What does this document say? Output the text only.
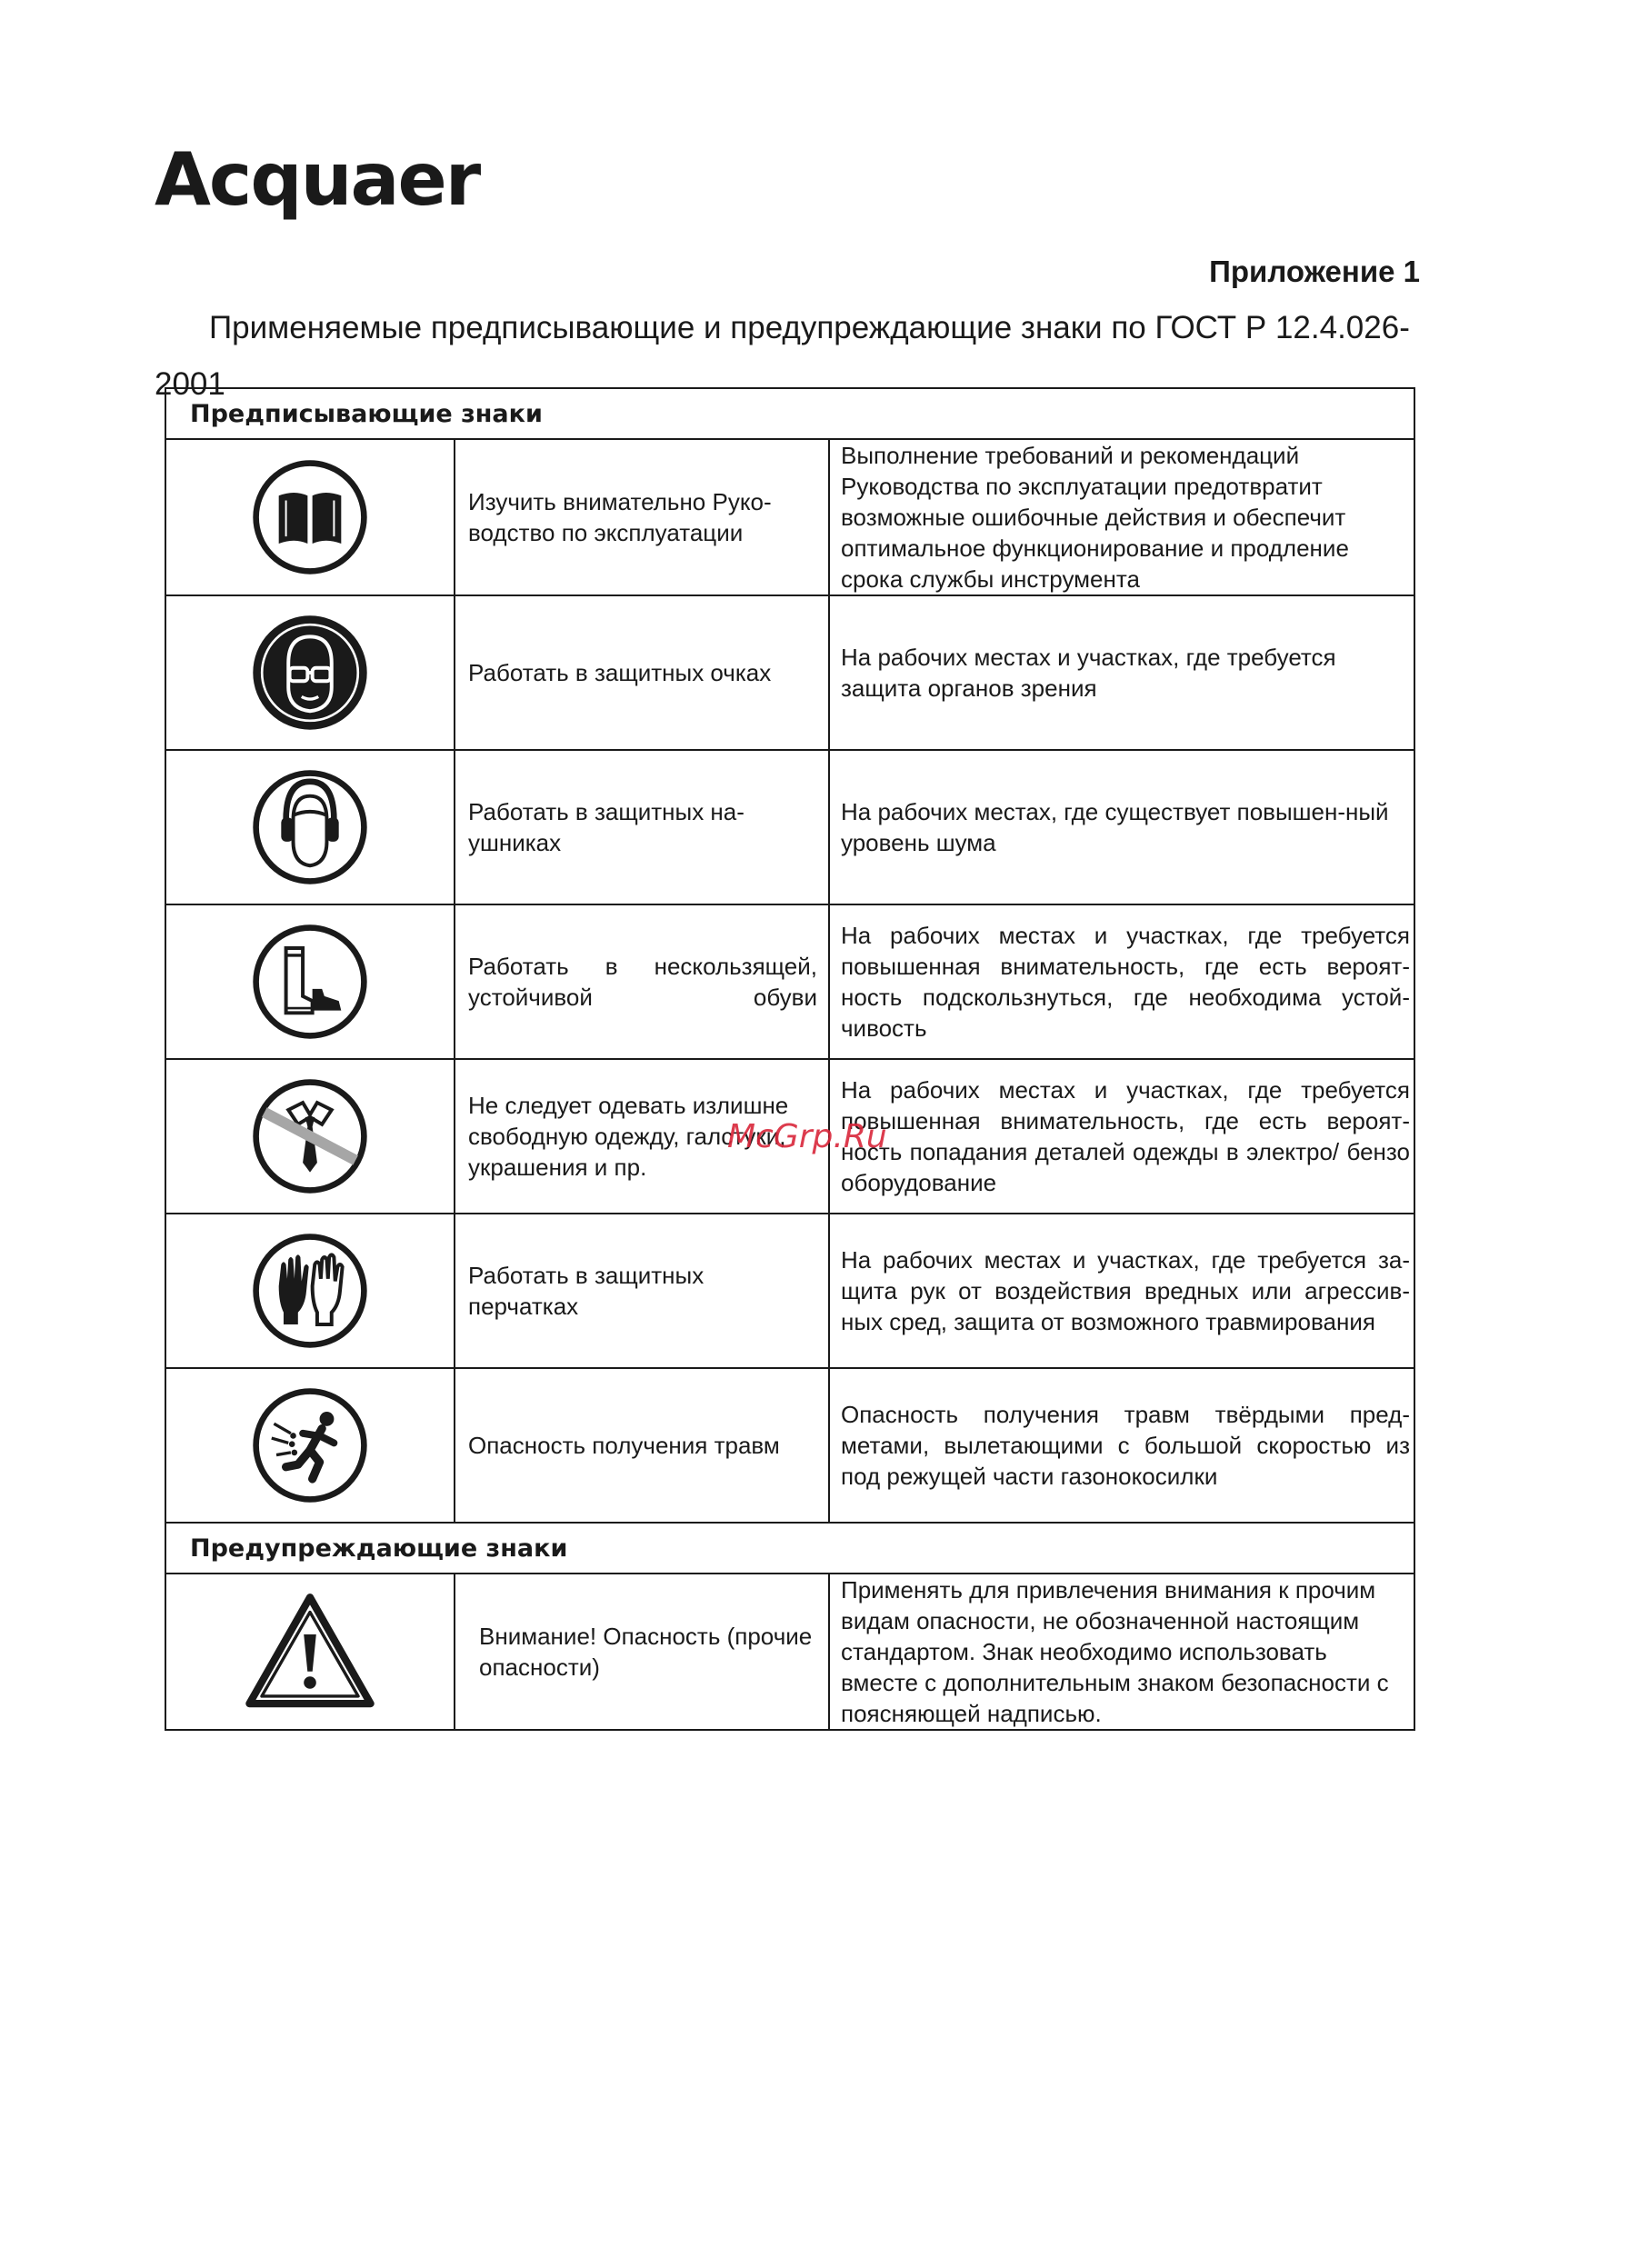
Acquaer
Приложение 1
Применяемые предписывающие и предупреждающие знаки по ГОСТ Р 12.4.026-2001
Предписывающие знаки		

	Изучить внимательно Руко-водство по эксплуатации	Выполнение требований и рекомендаций Руководства по эксплуатации предотвратит возможные ошибочные действия и обеспечит оптимальное функционирование и продление срока службы инструмента

	Работать в защитных очках	На рабочих местах и участках, где требуется защита органов зрения

	Работать в защитных на-ушниках	На рабочих местах, где существует повышен-ный уровень шума

	Работать в нескользящей, устойчивой обуви	На рабочих местах и участках, где требуется повышенная внимательность, где есть вероят-ность подскользнуться, где необходима устой-чивость

	Не следует одевать излишне свободную одежду, галстуки, украшения и пр.	На рабочих местах и участках, где требуется повышенная внимательность, где есть вероят-ность попадания деталей одежды в электро/ бензо оборудование

	Работать в защитных перчатках	На рабочих местах и участках, где требуется за-щита рук от воздействия вредных или агрессив-ных сред, защита от возможного травмирования

	Опасность получения травм	Опасность получения травм твёрдыми пред-метами, вылетающими с большой скоростью из под режущей части газонокосилки
Предупреждающие знаки		

	Внимание! Опасность (прочие опасности)	Применять для привлечения внимания к прочим видам опасности, не обозначенной настоящим стандартом. Знак необходимо использовать вместе с дополнительным знаком безопасности с поясняющей надписью.
McGrp.Ru
